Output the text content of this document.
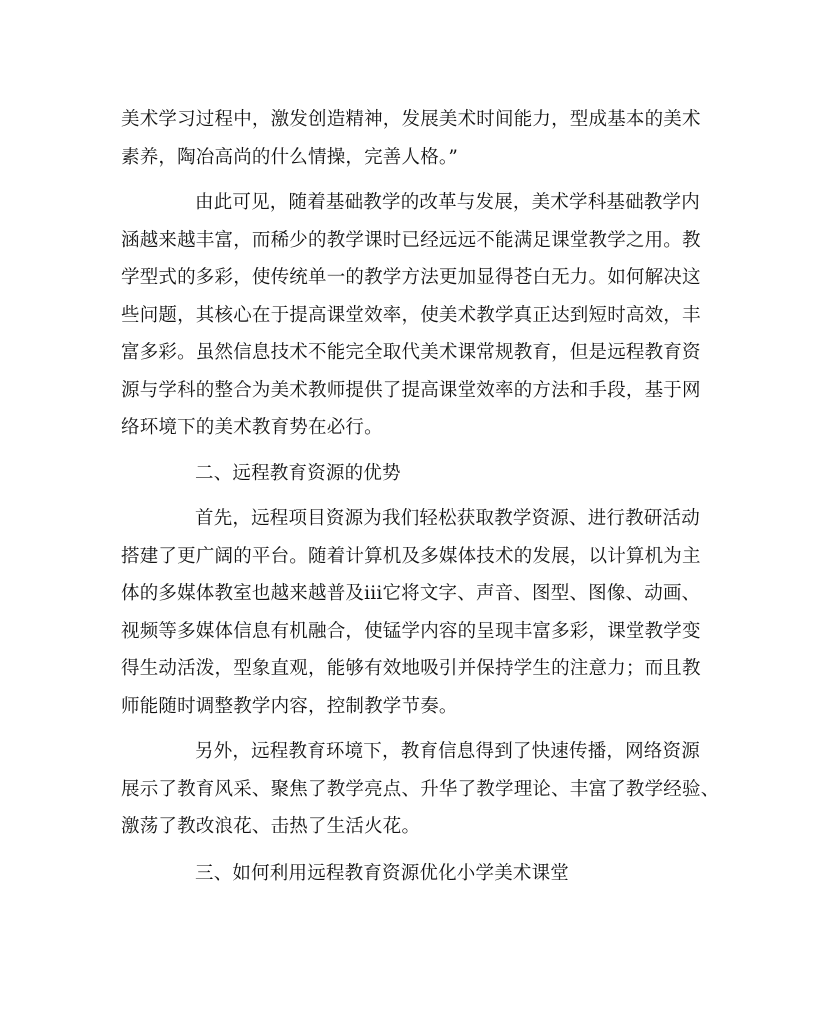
美术学习过程中，激发创造精神，发展美术时间能力，型成基本的美术
素养，陶冶高尚的什么情操，完善人格。”
由此可见，随着基础教学的改革与发展，美术学科基础教学内
涵越来越丰富，而稀少的教学课时已经远远不能满足课堂教学之用。教
学型式的多彩，使传统单一的教学方法更加显得苍白无力。如何解决这
些问题，其核心在于提高课堂效率，使美术教学真正达到短时高效，丰
富多彩。虽然信息技术不能完全取代美术课常规教育，但是远程教育资
源与学科的整合为美术教师提供了提高课堂效率的方法和手段，基于网
络环境下的美术教育势在必行。
二、远程教育资源的优势
首先，远程项目资源为我们轻松获取教学资源、进行教研活动
搭建了更广阔的平台。随着计算机及多媒体技术的发展，以计算机为主
体的多媒体教室也越来越普及iii它将文字、声音、图型、图像、动画、
视频等多媒体信息有机融合，使锰学内容的呈现丰富多彩，课堂教学变
得生动活泼，型象直观，能够有效地吸引并保持学生的注意力；而且教
师能随时调整教学内容，控制教学节奏。
另外，远程教育环境下，教育信息得到了快速传播，网络资源
展示了教育风采、聚焦了教学亮点、升华了教学理论、丰富了教学经验、
激荡了教改浪花、击热了生活火花。
三、如何利用远程教育资源优化小学美术课堂
